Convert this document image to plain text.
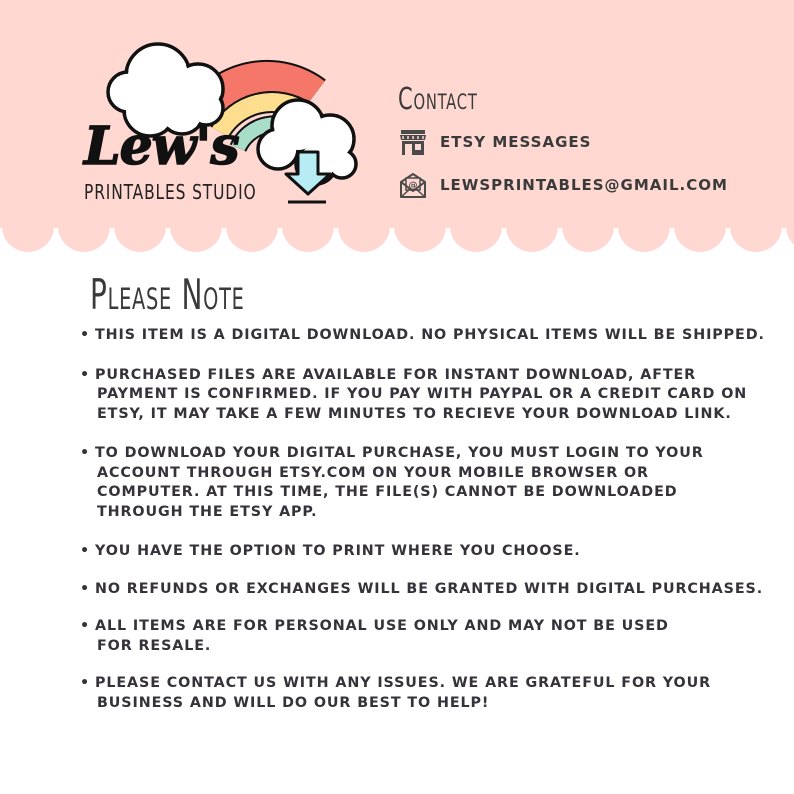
Lew's
PRINTABLES STUDIO
Contact
ETSY MESSAGES
@ LEWSPRINTABLES@GMAIL.COM
Please Note
• THIS ITEM IS A DIGITAL DOWNLOAD. NO PHYSICAL ITEMS WILL BE SHIPPED.
• PURCHASED FILES ARE AVAILABLE FOR INSTANT DOWNLOAD, AFTER
PAYMENT IS CONFIRMED. IF YOU PAY WITH PAYPAL OR A CREDIT CARD ON
ETSY, IT MAY TAKE A FEW MINUTES TO RECIEVE YOUR DOWNLOAD LINK.
• TO DOWNLOAD YOUR DIGITAL PURCHASE, YOU MUST LOGIN TO YOUR
ACCOUNT THROUGH ETSY.COM ON YOUR MOBILE BROWSER OR
COMPUTER. AT THIS TIME, THE FILE(S) CANNOT BE DOWNLOADED
THROUGH THE ETSY APP.
• YOU HAVE THE OPTION TO PRINT WHERE YOU CHOOSE.
• NO REFUNDS OR EXCHANGES WILL BE GRANTED WITH DIGITAL PURCHASES.
• ALL ITEMS ARE FOR PERSONAL USE ONLY AND MAY NOT BE USED
FOR RESALE.
• PLEASE CONTACT US WITH ANY ISSUES. WE ARE GRATEFUL FOR YOUR
BUSINESS AND WILL DO OUR BEST TO HELP!
